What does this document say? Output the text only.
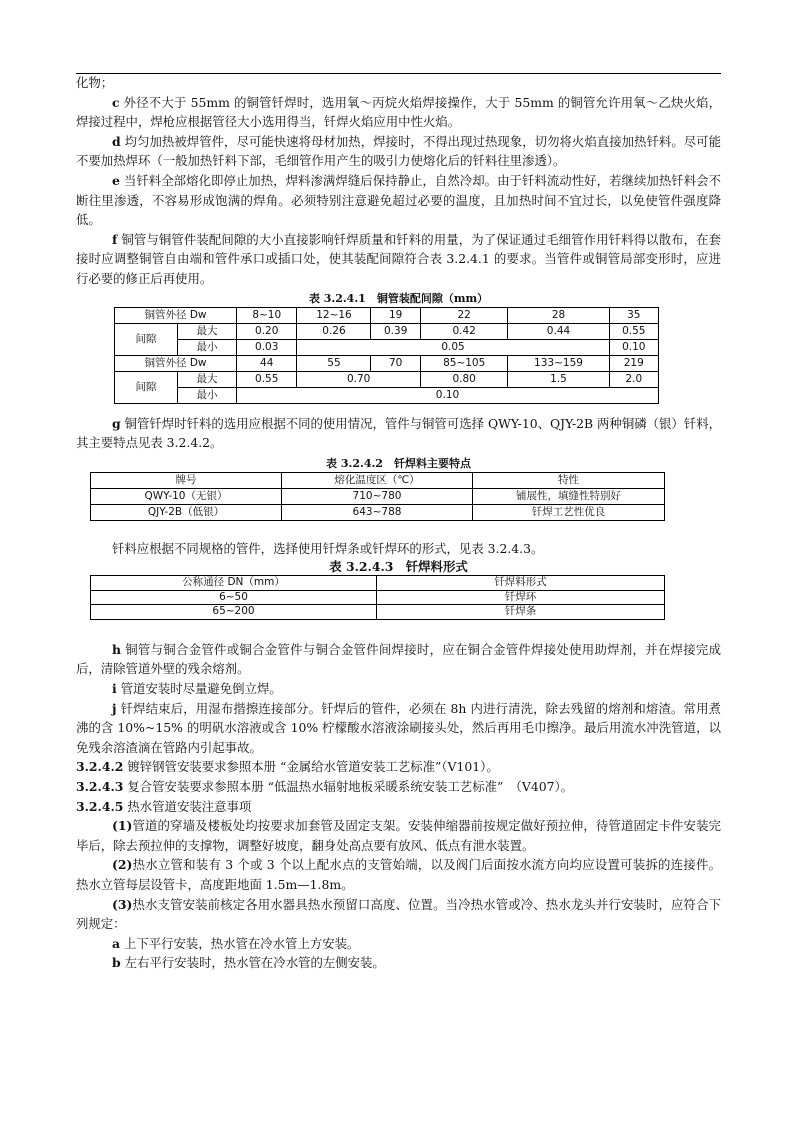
化物；

c 外径不大于 55mm 的铜管钎焊时，选用氧～丙烷火焰焊接操作，大于 55mm 的铜管允许用氧～乙炔火焰，焊接过程中，焊枪应根据管径大小选用得当，钎焊火焰应用中性火焰。

d 均匀加热被焊管件，尽可能快速将母材加热，焊接时，不得出现过热现象，切勿将火焰直接加热钎料。尽可能不要加热焊环（一般加热钎料下部，毛细管作用产生的吸引力使熔化后的钎料往里渗透）。

e 当钎料全部熔化即停止加热，焊料渗满焊缝后保持静止，自然冷却。由于钎料流动性好，若继续加热钎料会不断往里渗透，不容易形成饱满的焊角。必须特别注意避免超过必要的温度，且加热时间不宜过长，以免使管件强度降低。

f 铜管与铜管件装配间隙的大小直接影响钎焊质量和钎料的用量，为了保证通过毛细管作用钎料得以散布，在套接时应调整铜管自由端和管件承口或插口处，使其装配间隙符合表 3.2.4.1 的要求。当管件或铜管局部变形时，应进行必要的修正后再使用。

表 3.2.4.1　铜管装配间隙（mm）
铜管外径 Dw		8~10	12~16	19	22	28	35
间隙	最大	0.20	0.26	0.39	0.42	0.44	0.55
	最小	0.03	0.05				0.10
铜管外径 Dw		44	55	70	85~105	133~159	219
间隙	最大	0.55	0.70		0.80	1.5	2.0
	最小	0.10					

g 铜管钎焊时钎料的选用应根据不同的使用情况，管件与铜管可选择 QWY-10、QJY-2B 两种铜磷（银）钎料，其主要特点见表 3.2.4.2。

表 3.2.4.2　钎焊料主要特点
牌号	熔化温度区（℃）	特性
QWY-10（无银）	710~780	铺展性，填缝性特别好
QJY-2B（低银）	643~788	钎焊工艺性优良

钎料应根据不同规格的管件，选择使用钎焊条或钎焊环的形式，见表 3.2.4.3。

表 3.2.4.3　钎焊料形式
公称通径 DN（mm）	钎焊料形式
6~50	钎焊环
65~200	钎焊条

h 铜管与铜合金管件或铜合金管件与铜合金管件间焊接时，应在铜合金管件焊接处使用助焊剂，并在焊接完成后，清除管道外壁的残余熔剂。

i 管道安装时尽量避免倒立焊。

j 钎焊结束后，用湿布揩擦连接部分。钎焊后的管件，必须在 8h 内进行清洗，除去残留的熔剂和熔渣。常用煮沸的含 10%~15% 的明矾水溶液或含 10% 柠檬酸水溶液涂刷接头处，然后再用毛巾擦净。最后用流水冲洗管道，以免残余溶渣滴在管路内引起事故。

3.2.4.2 镀锌钢管安装要求参照本册 “金属给水管道安装工艺标准”（Ⅴ101）。

3.2.4.3 复合管安装要求参照本册 “低温热水辐射地板采暖系统安装工艺标准”　（Ⅴ407）。

3.2.4.5 热水管道安装注意事项

(1)管道的穿墙及楼板处均按要求加套管及固定支架。安装伸缩器前按规定做好预拉伸，待管道固定卡件安装完毕后，除去预拉伸的支撑物，调整好坡度，翻身处高点要有放风、低点有泄水装置。

(2)热水立管和装有 3 个或 3 个以上配水点的支管始端，以及阀门后面按水流方向均应设置可装拆的连接件。热水立管每层设管卡，高度距地面 1.5m—1.8m。

(3)热水支管安装前核定各用水器具热水预留口高度、位置。当冷热水管或冷、热水龙头并行安装时，应符合下列规定：

a 上下平行安装，热水管在冷水管上方安装。

b 左右平行安装时，热水管在冷水管的左侧安装。
